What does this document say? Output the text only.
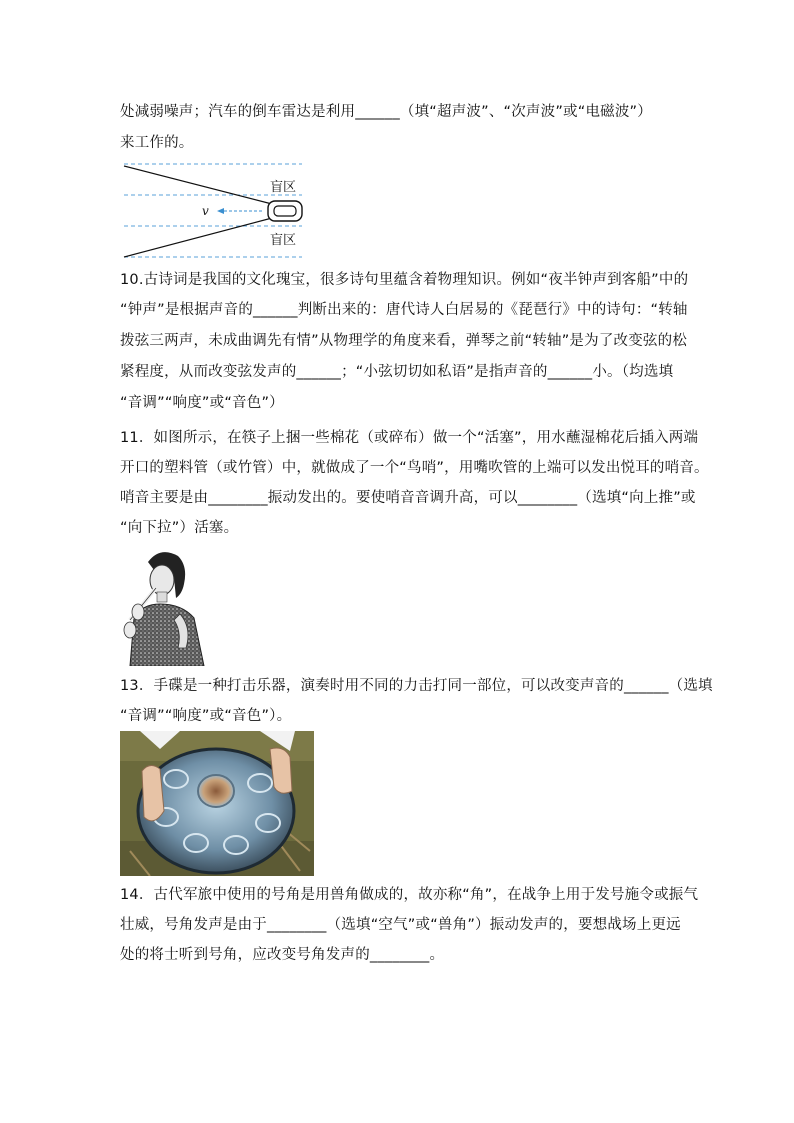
处减弱噪声；汽车的倒车雷达是利用______（填“超声波”、“次声波”或“电磁波”）
来工作的。
v
盲区
盲区
10.古诗词是我国的文化瑰宝，很多诗句里蕴含着物理知识。例如“夜半钟声到客船”中的
“钟声”是根据声音的______判断出来的：唐代诗人白居易的《琵琶行》中的诗句：“转轴
拨弦三两声，未成曲调先有情”从物理学的角度来看，弹琴之前“转轴”是为了改变弦的松
紧程度，从而改变弦发声的______；“小弦切切如私语”是指声音的______小。（均选填
“音调”“响度”或“音色”）
11．如图所示，在筷子上捆一些棉花（或碎布）做一个“活塞”，用水蘸湿棉花后插入两端
开口的塑料管（或竹管）中，就做成了一个“鸟哨”，用嘴吹管的上端可以发出悦耳的哨音。
哨音主要是由________振动发出的。要使哨音音调升高，可以________（选填“向上推”或
“向下拉”）活塞。
13．手碟是一种打击乐器，演奏时用不同的力击打同一部位，可以改变声音的______（选填
“音调”“响度”或“音色”）。
14．古代军旅中使用的号角是用兽角做成的，故亦称“角”，在战争上用于发号施令或振气
壮威，号角发声是由于________（选填“空气”或“兽角”）振动发声的，要想战场上更远
处的将士听到号角，应改变号角发声的________。
